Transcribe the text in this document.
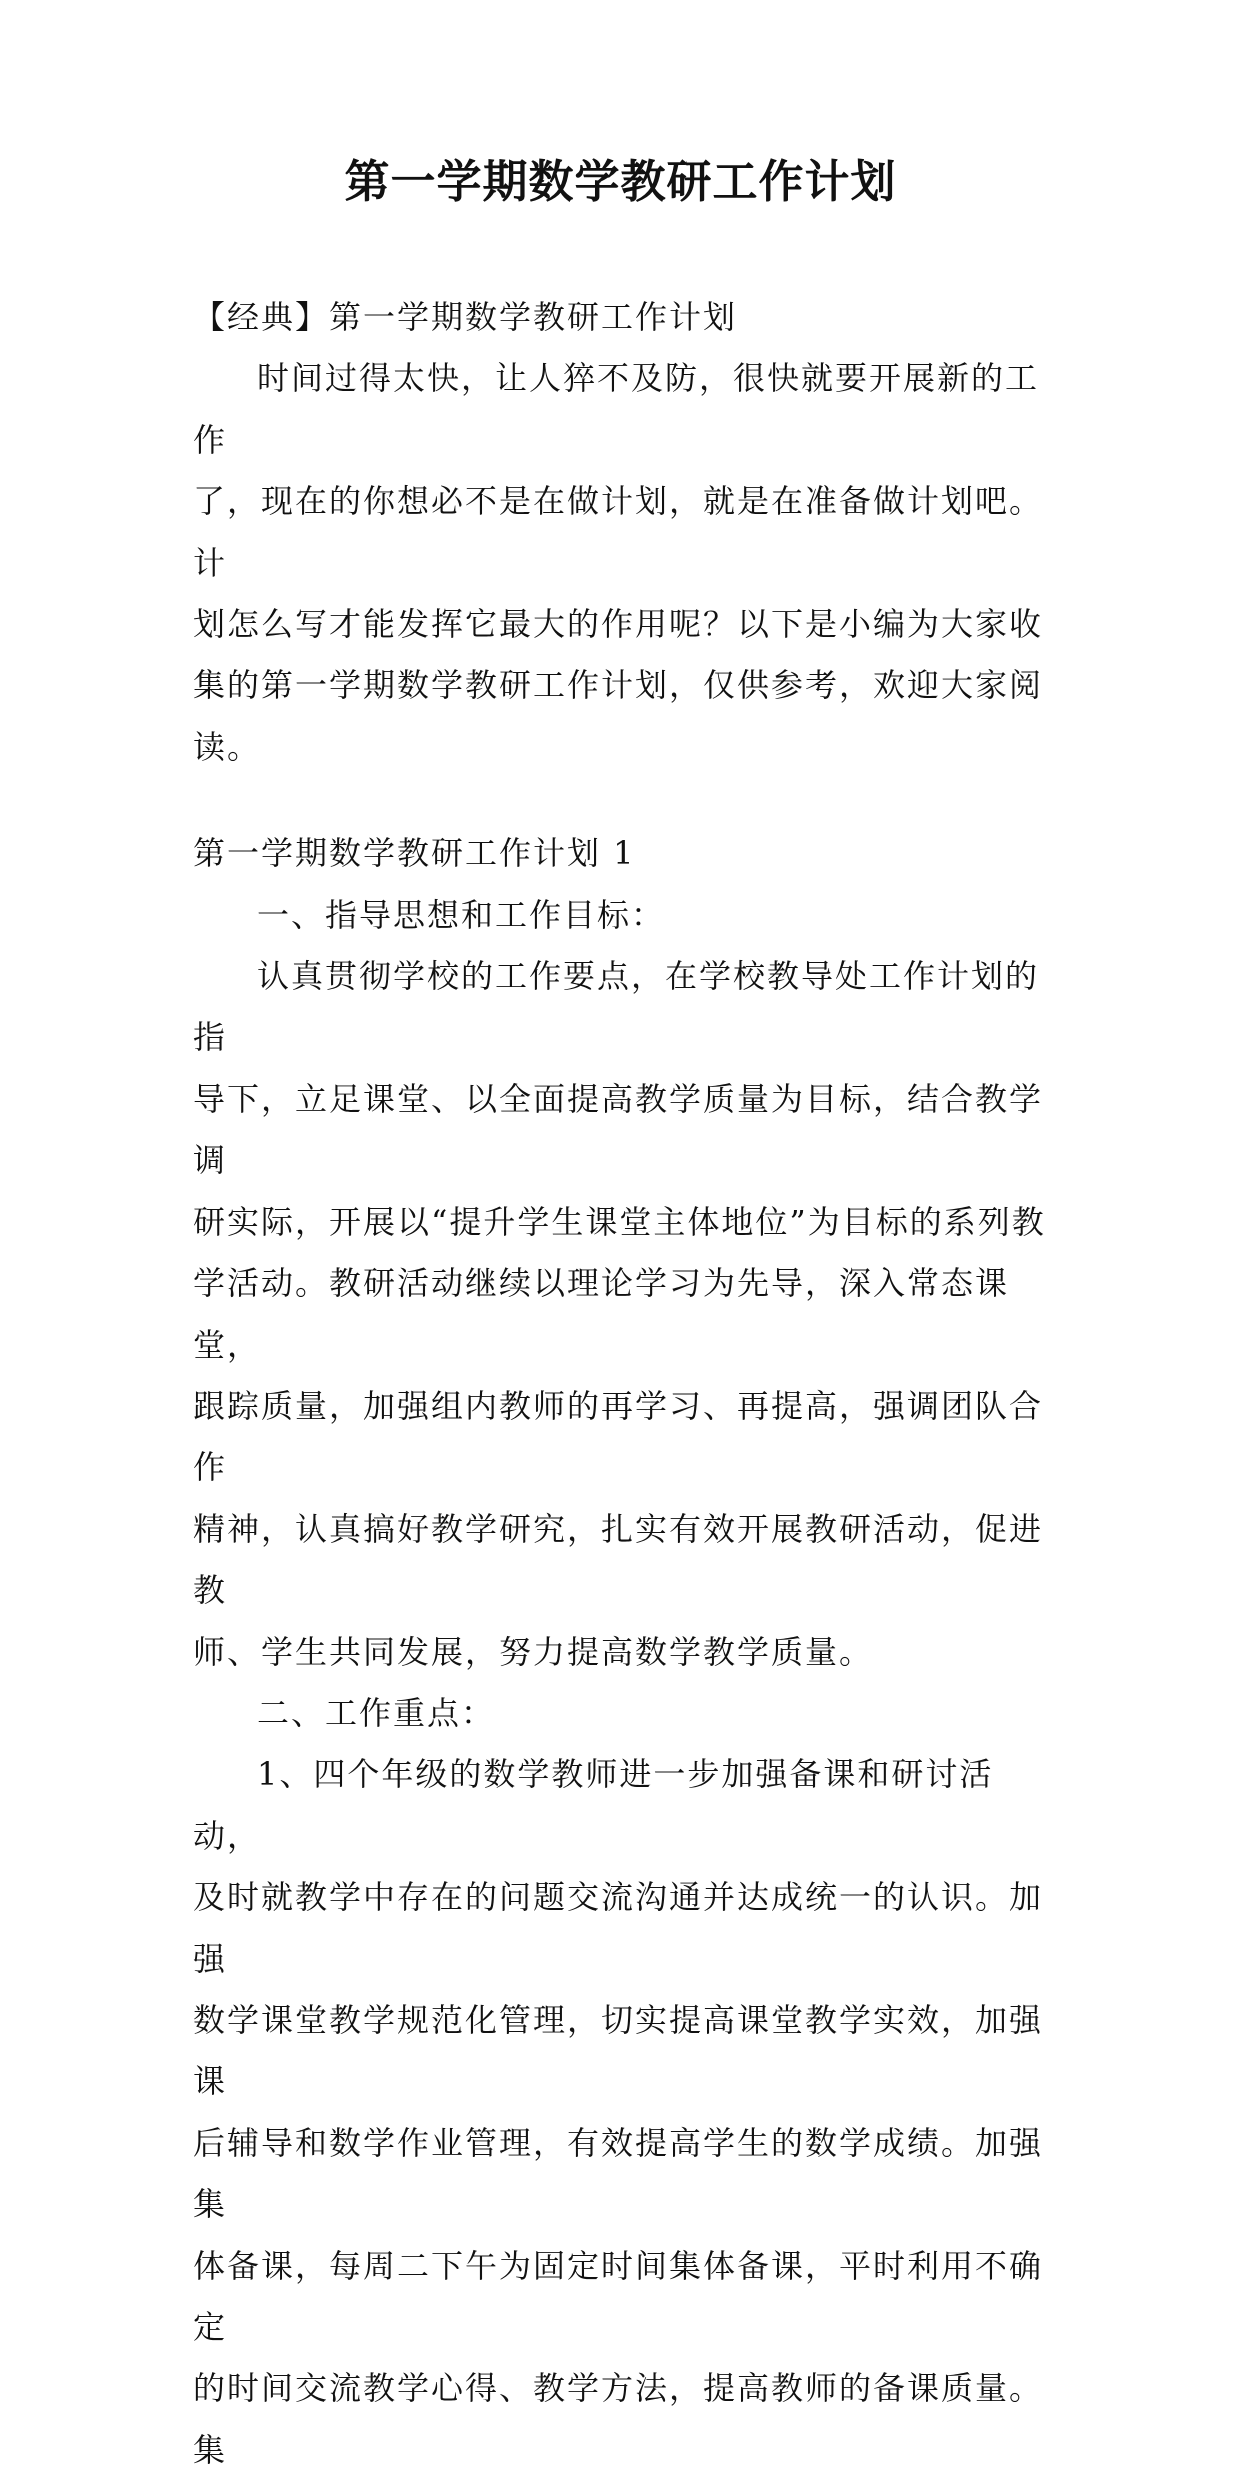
第一学期数学教研工作计划

【经典】第一学期数学教研工作计划

时间过得太快，让人猝不及防，很快就要开展新的工作
了，现在的你想必不是在做计划，就是在准备做计划吧。计
划怎么写才能发挥它最大的作用呢？以下是小编为大家收
集的第一学期数学教研工作计划，仅供参考，欢迎大家阅读。

第一学期数学教研工作计划 1

一、指导思想和工作目标：

认真贯彻学校的工作要点，在学校教导处工作计划的指
导下，立足课堂、以全面提高教学质量为目标，结合教学调
研实际，开展以“提升学生课堂主体地位”为目标的系列教
学活动。教研活动继续以理论学习为先导，深入常态课堂，
跟踪质量，加强组内教师的再学习、再提高，强调团队合作
精神，认真搞好教学研究，扎实有效开展教研活动，促进教
师、学生共同发展，努力提高数学教学质量。

二、工作重点：

1、四个年级的数学教师进一步加强备课和研讨活动，
及时就教学中存在的问题交流沟通并达成统一的认识。加强
数学课堂教学规范化管理，切实提高课堂教学实效，加强课
后辅导和数学作业管理，有效提高学生的数学成绩。加强集
体备课，每周二下午为固定时间集体备课，平时利用不确定
的时间交流教学心得、教学方法，提高教师的备课质量。集
